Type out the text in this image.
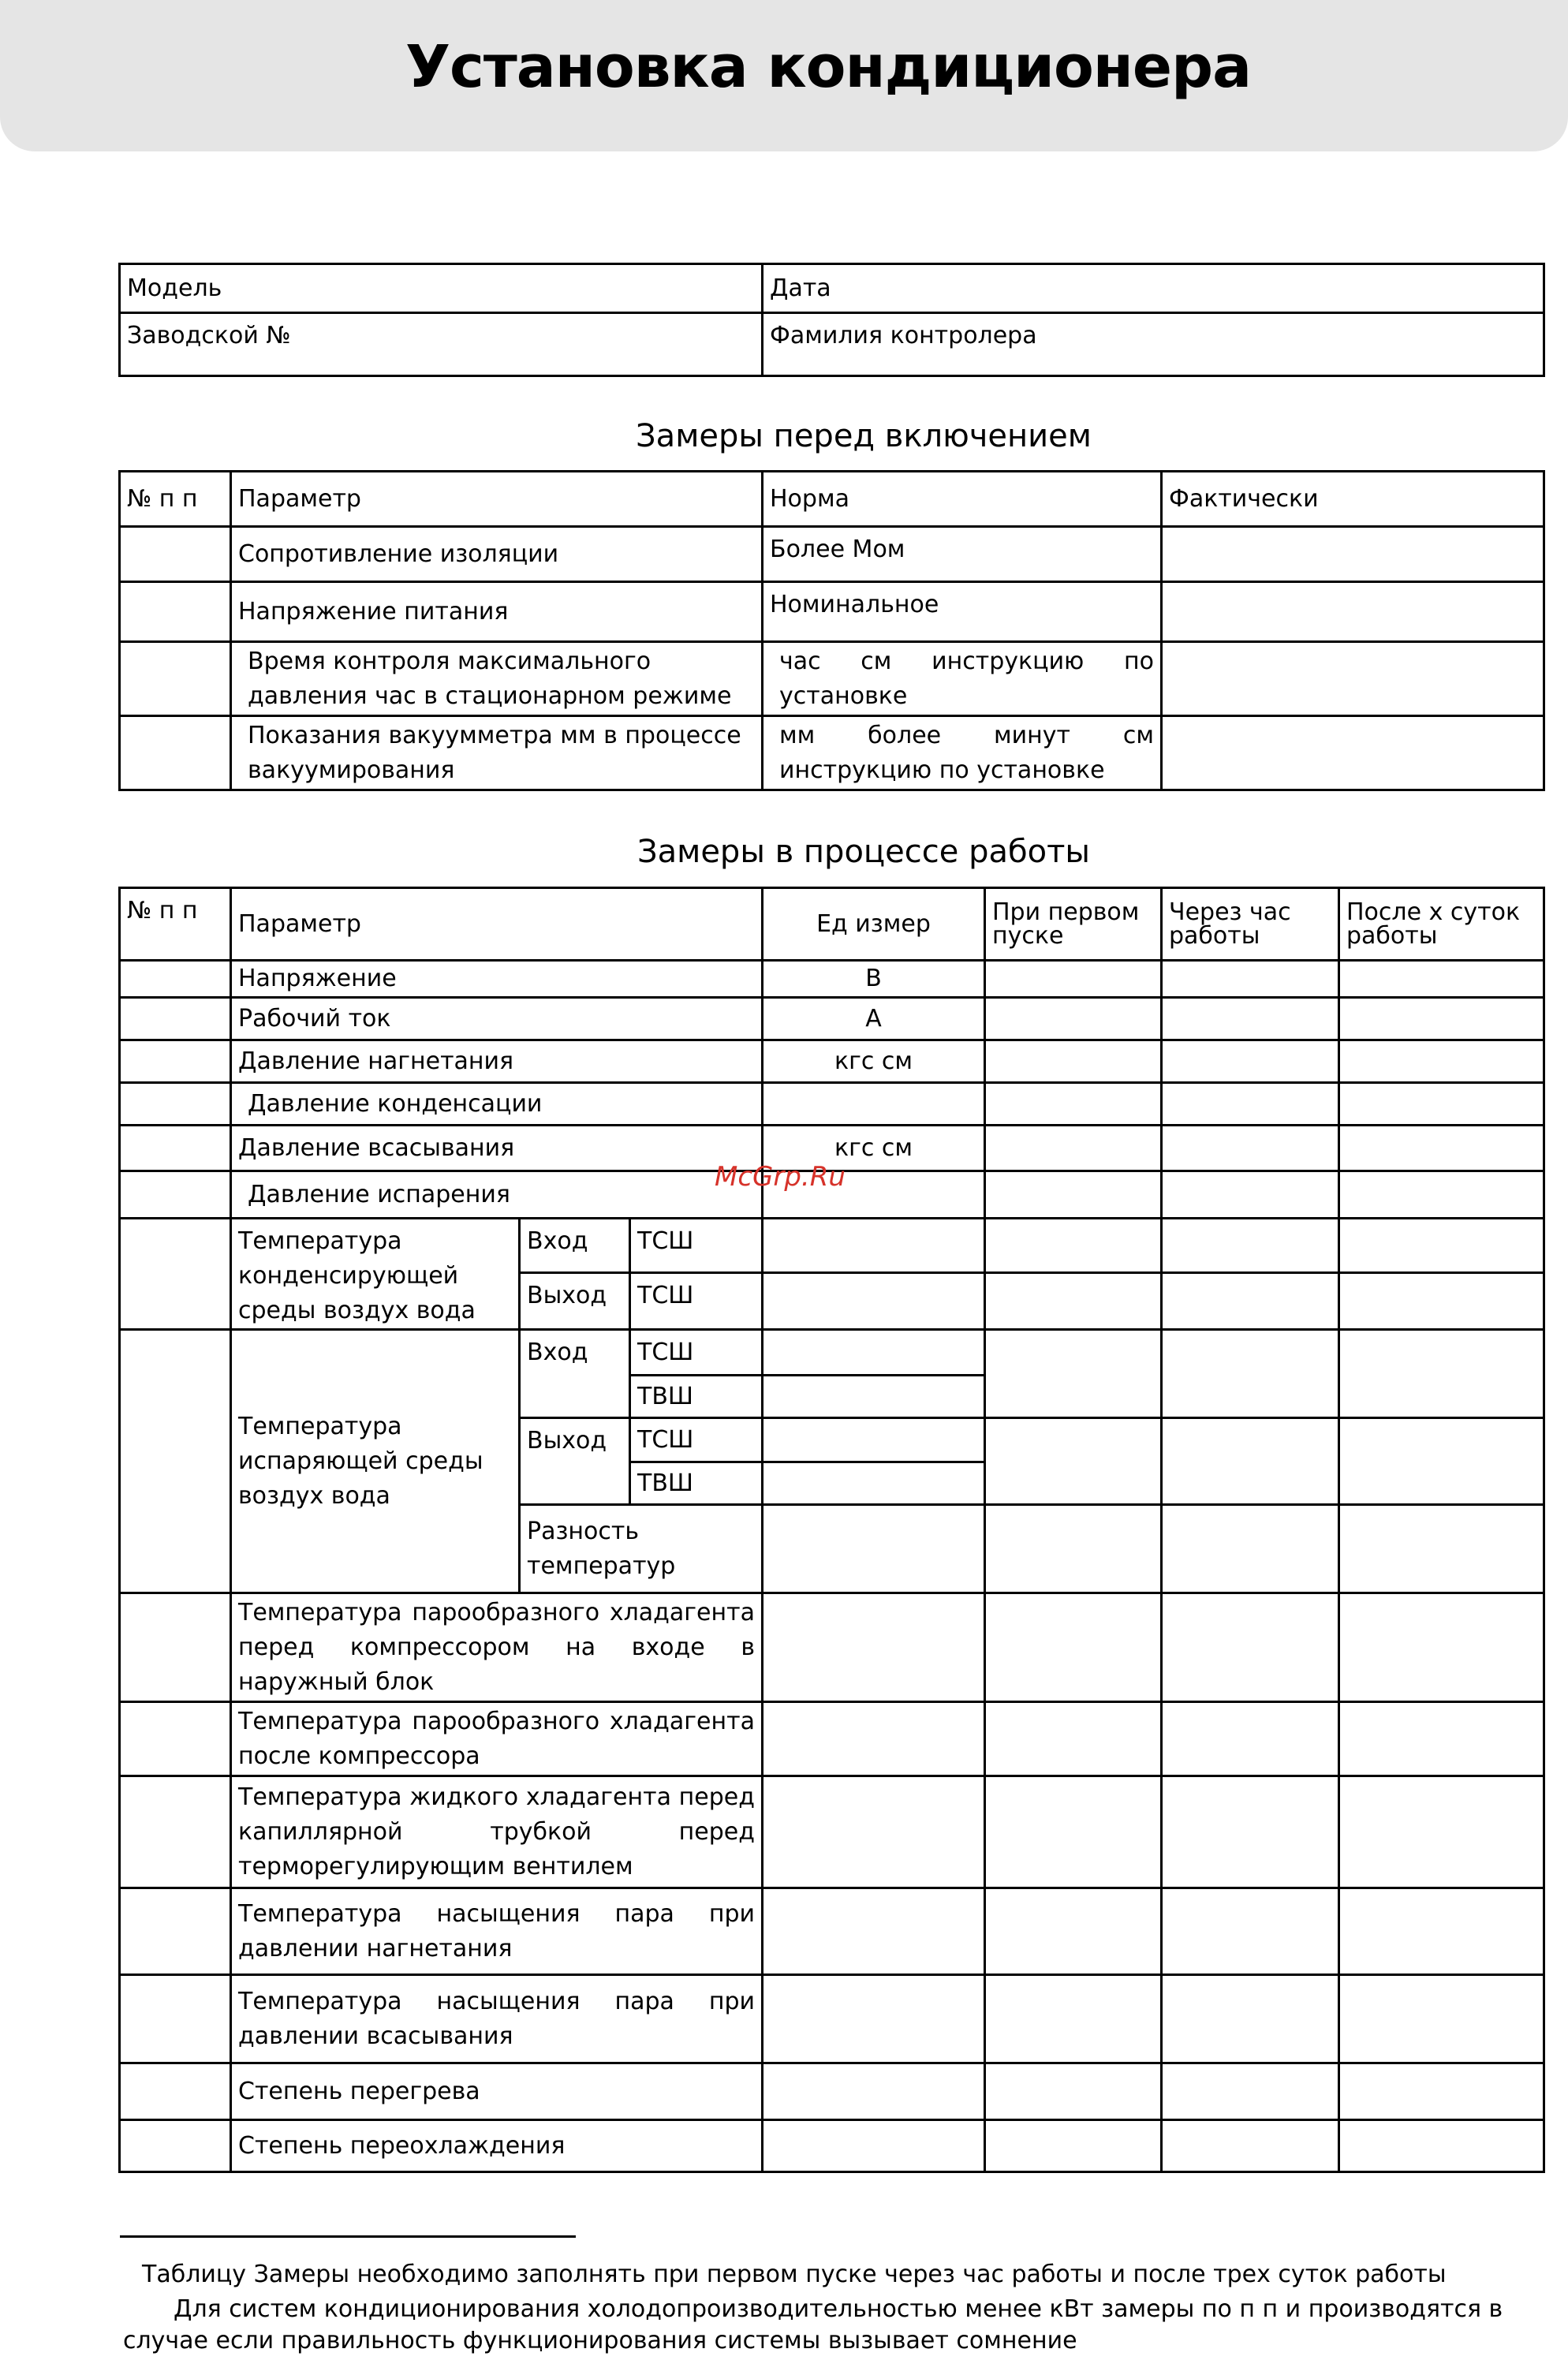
Установка кондиционера
Модель	Дата
Заводской №	Фамилия контролера
Замеры перед включением
№ п п	Параметр	Норма	Фактически
	Сопротивление изоляции	Более Мом	
	Напряжение питания	Номинальное	
	Время контроля максимального давления час в стационарном режиме	час см инструкцию по установке	
	Показания вакуумметра мм в процессе вакуумирования	мм более минут см инструкцию по установке	
Замеры в процессе работы
№ п п	Параметр			Ед измер	При первом пуске	Через час работы	После х суток работы
	Напряжение			В			
	Рабочий ток			А			
	Давление нагнетания			кгс см			
	Давление конденсации						
	Давление всасывания			кгс см			
	Давление испарения						
	Температура конденсирующей среды воздух вода	Вход	ТСШ				
		Выход	ТСШ				
	Температура испаряющей среды воздух вода	Вход	ТСШ				
			ТВШ				
		Выход	ТСШ				
			ТВШ				
		Разность температур					
	Температура парообразного хладагента перед компрессором на входе в наружный блок						
	Температура парообразного хладагента после компрессора						
	Температура жидкого хладагента перед капиллярной трубкой перед терморегулирующим вентилем						
	Температура насыщения пара при давлении нагнетания						
	Температура насыщения пара при давлении всасывания						
	Степень перегрева						
	Степень переохлаждения						
McGrp.Ru
Таблицу Замеры необходимо заполнять при первом пуске через час работы и после трех суток работы
Для систем кондиционирования холодопроизводительностью менее кВт замеры по п п и производятся в
случае если правильность функционирования системы вызывает сомнение
